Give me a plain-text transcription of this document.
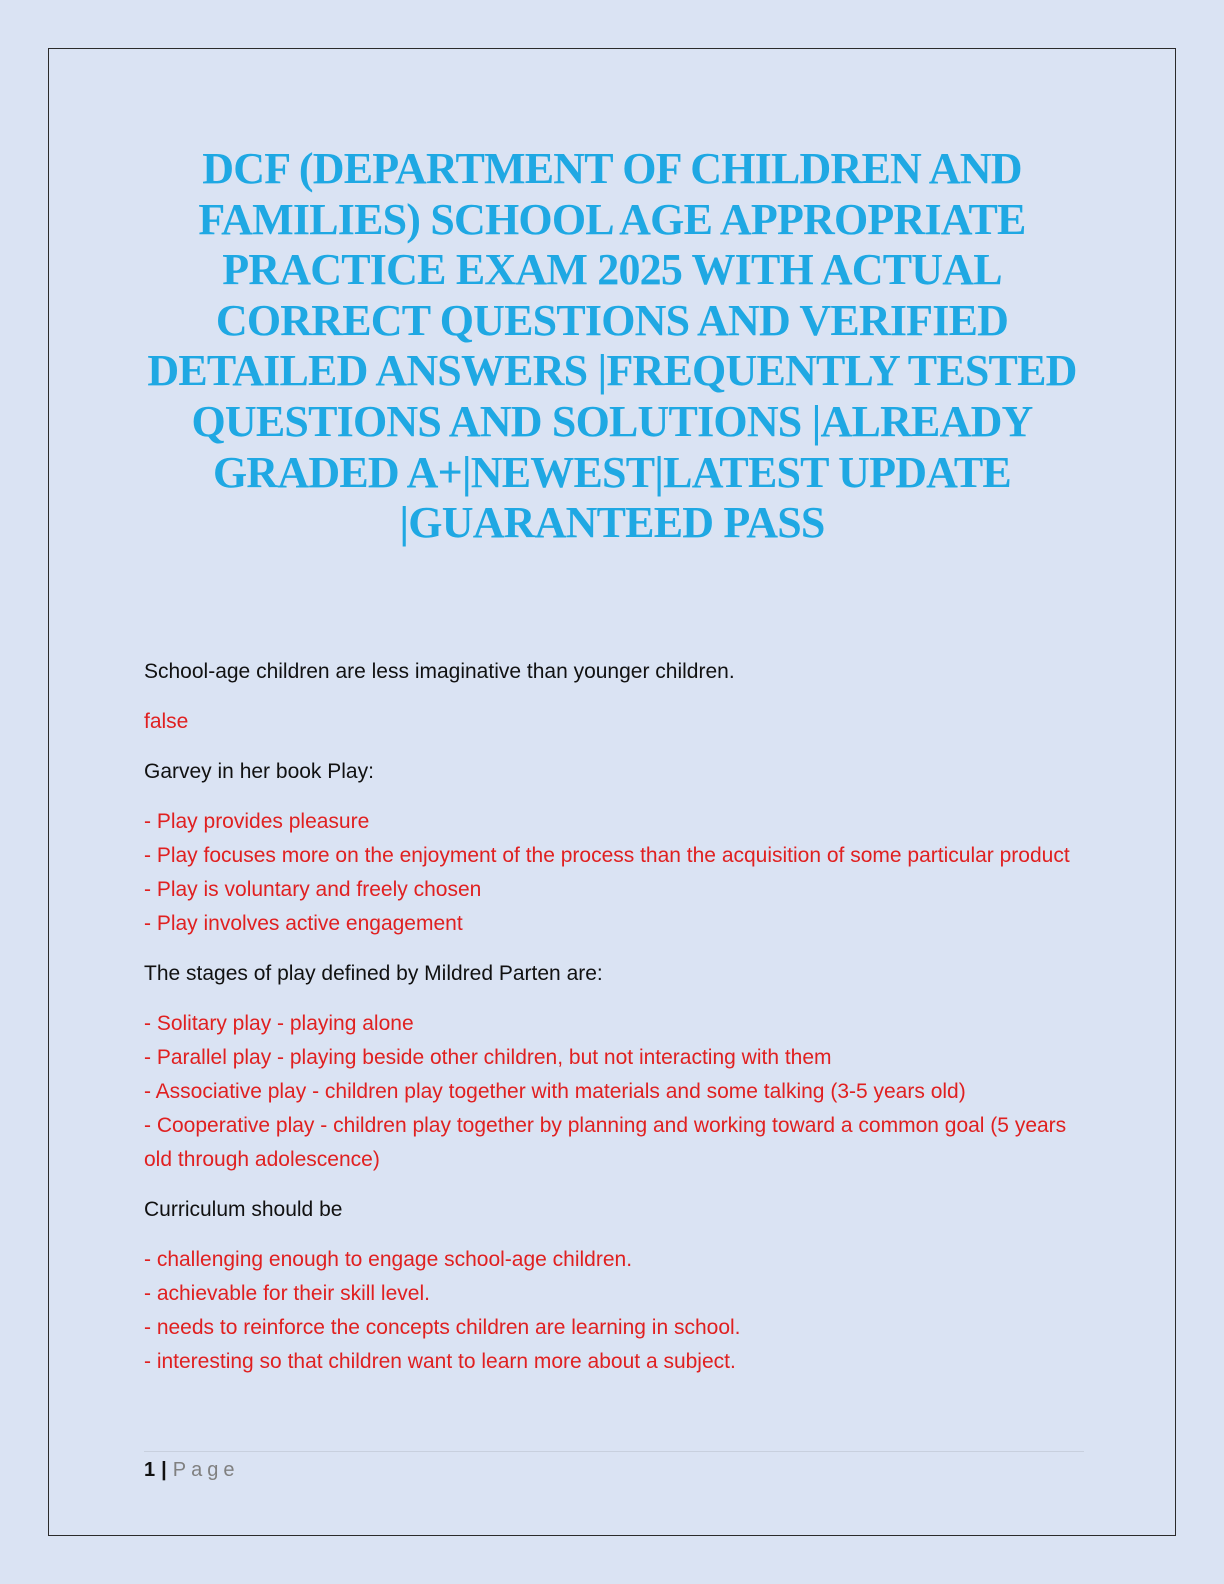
DCF (DEPARTMENT OF CHILDREN AND
FAMILIES) SCHOOL AGE APPROPRIATE
PRACTICE EXAM 2025 WITH ACTUAL
CORRECT QUESTIONS AND VERIFIED
DETAILED ANSWERS |FREQUENTLY TESTED
QUESTIONS AND SOLUTIONS |ALREADY
GRADED A+|NEWEST|LATEST UPDATE
|GUARANTEED PASS

School-age children are less imaginative than younger children.

false

Garvey in her book Play:

- Play provides pleasure
- Play focuses more on the enjoyment of the process than the acquisition of some particular product
- Play is voluntary and freely chosen
- Play involves active engagement

The stages of play defined by Mildred Parten are:

- Solitary play - playing alone
- Parallel play - playing beside other children, but not interacting with them
- Associative play - children play together with materials and some talking (3-5 years old)
- Cooperative play - children play together by planning and working toward a common goal (5 years old through adolescence)

Curriculum should be

- challenging enough to engage school-age children.
- achievable for their skill level.
- needs to reinforce the concepts children are learning in school.
- interesting so that children want to learn more about a subject.
1 | Page
